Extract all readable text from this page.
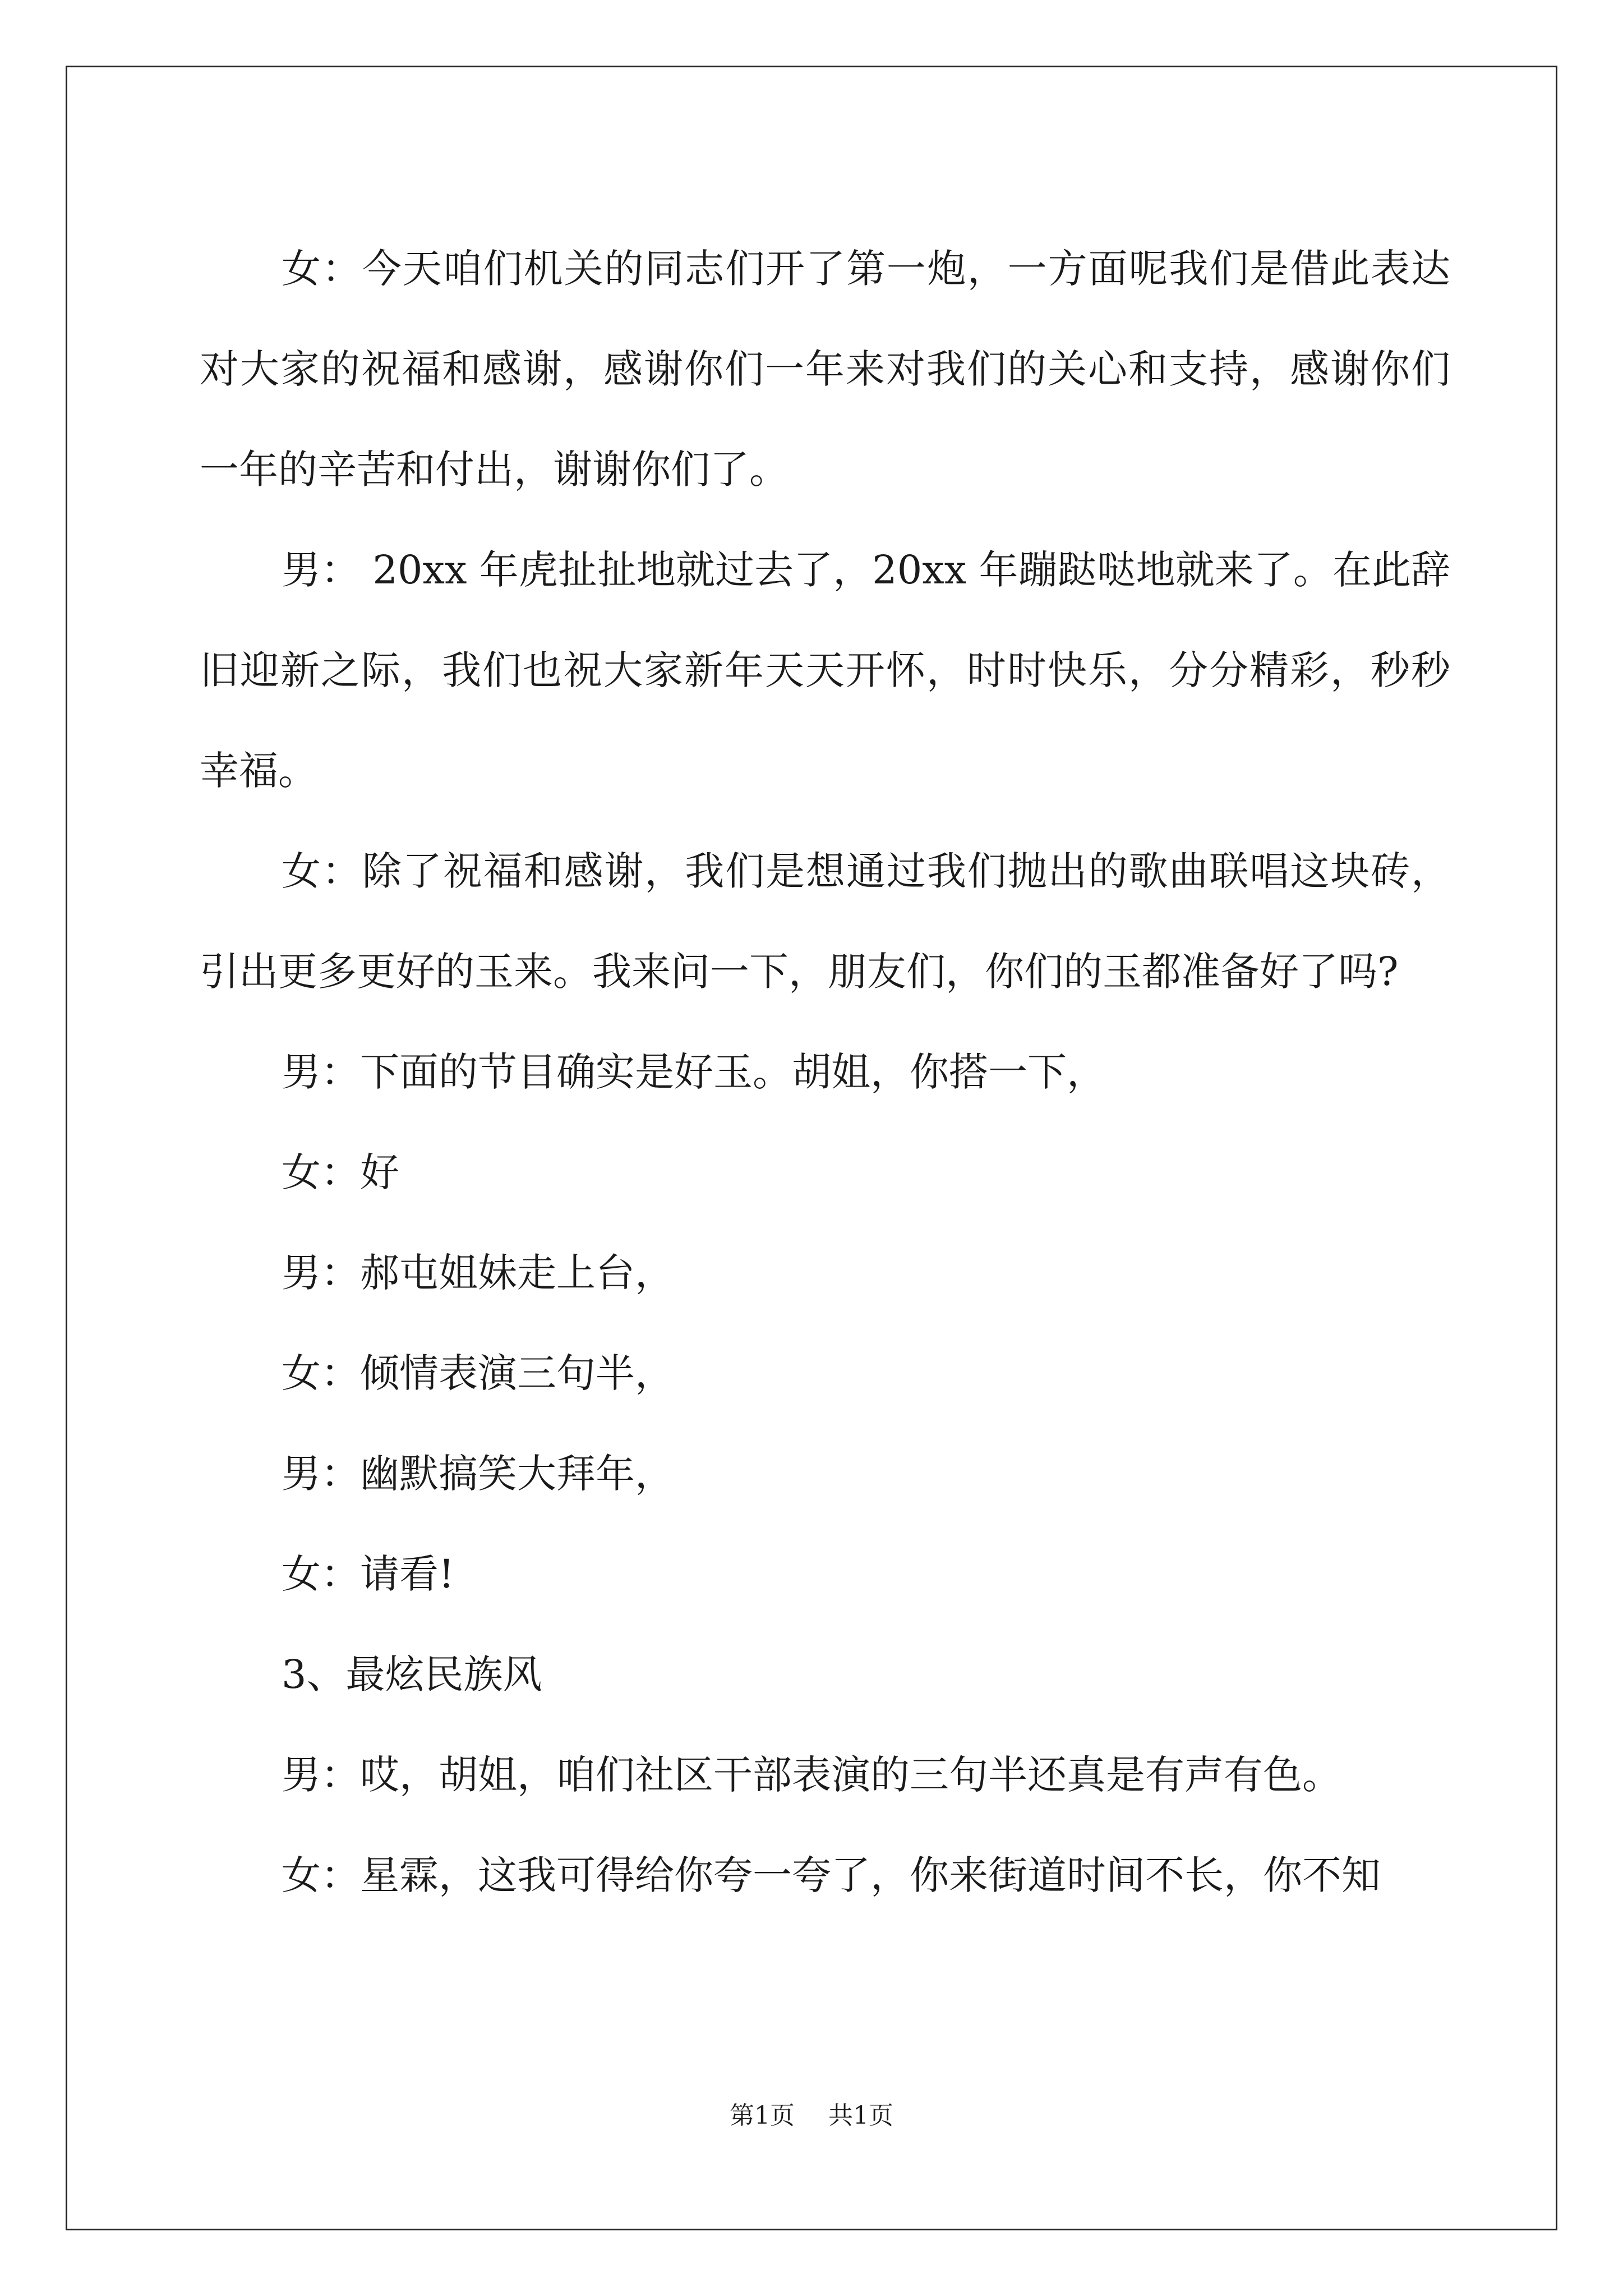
女：今天咱们机关的同志们开了第一炮，一方面呢我们是借此表达对大家的祝福和感谢，感谢你们一年来对我们的关心和支持，感谢你们一年的辛苦和付出，谢谢你们了。

男： 20xx 年虎扯扯地就过去了，20xx 年蹦跶哒地就来了。在此辞旧迎新之际，我们也祝大家新年天天开怀，时时快乐，分分精彩，秒秒幸福。

女：除了祝福和感谢，我们是想通过我们抛出的歌曲联唱这块砖，引出更多更好的玉来。我来问一下，朋友们，你们的玉都准备好了吗?

男：下面的节目确实是好玉。胡姐，你搭一下，

女：好

男：郝屯姐妹走上台，

女：倾情表演三句半，

男：幽默搞笑大拜年，

女：请看!

3、最炫民族风

男：哎，胡姐，咱们社区干部表演的三句半还真是有声有色。

女：星霖，这我可得给你夸一夸了，你来街道时间不长，你不知

第1页 共1页
